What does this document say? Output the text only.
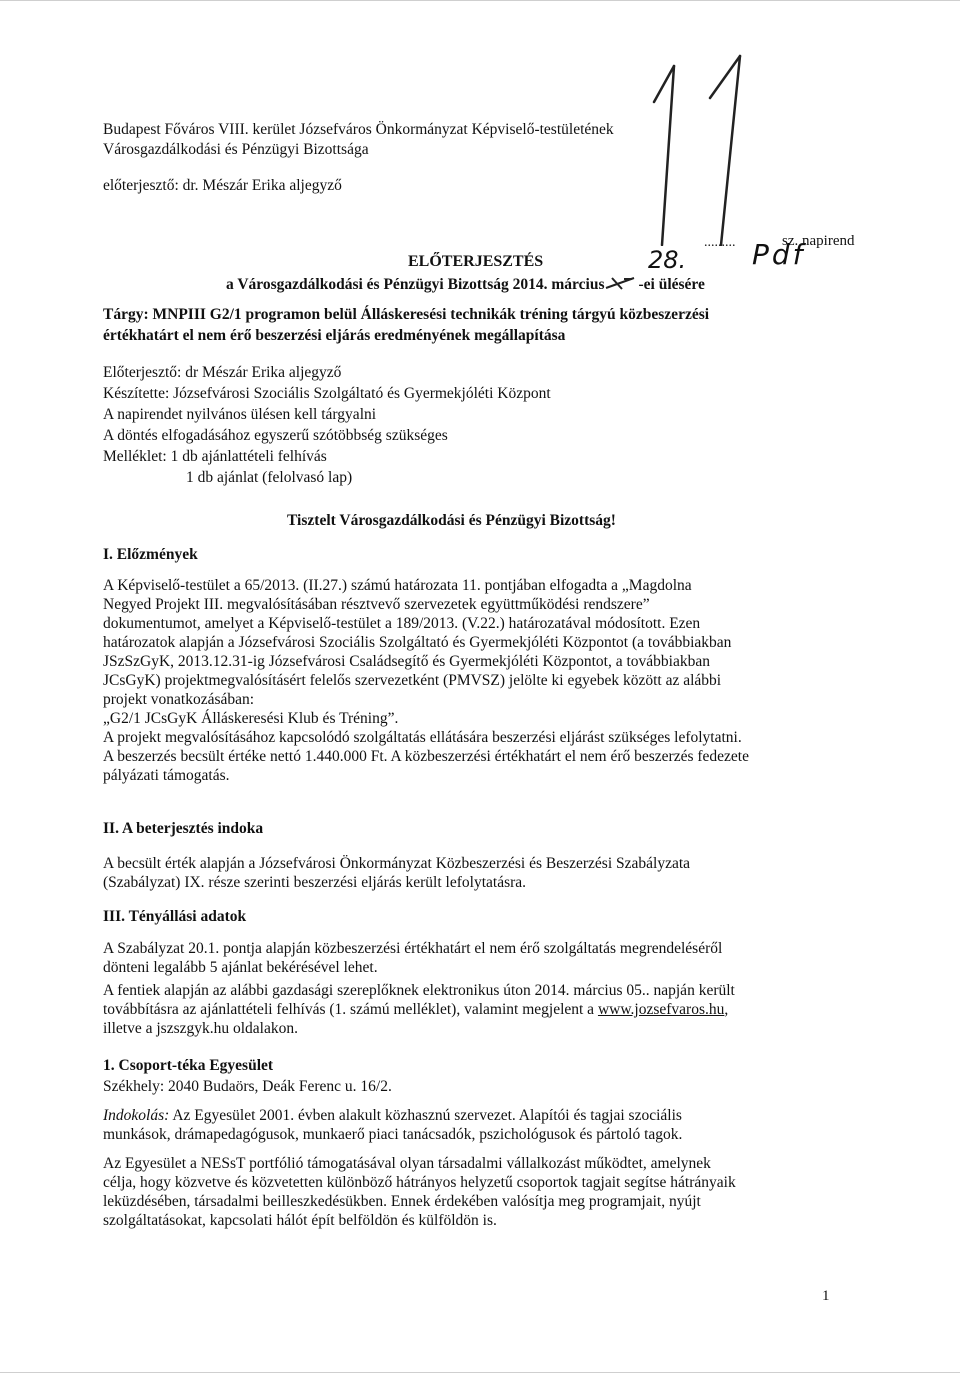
Budapest Főváros VIII. kerület Józsefváros Önkormányzat Képviselő-testületének
Városgazdálkodási és Pénzügyi Bizottsága
előterjesztő: dr. Mészár Erika aljegyző
.........	sz. napirend
ELŐTERJESZTÉS	28. Pdf
a Városgazdálkodási és Pénzügyi Bizottság 2014. március -ei ülésére
Tárgy: MNPIII G2/1 programon belül Álláskeresési technikák tréning tárgyú közbeszerzési
értékhatárt el nem érő beszerzési eljárás eredményének megállapítása
Előterjesztő: dr Mészár Erika aljegyző
Készítette: Józsefvárosi Szociális Szolgáltató és Gyermekjóléti Központ
A napirendet nyilvános ülésen kell tárgyalni
A döntés elfogadásához egyszerű szótöbbség szükséges
Melléklet: 1 db ajánlattételi felhívás
1 db ajánlat (felolvasó lap)
Tisztelt Városgazdálkodási és Pénzügyi Bizottság!
I. Előzmények
A Képviselő-testület a 65/2013. (II.27.) számú határozata 11. pontjában elfogadta a „Magdolna
Negyed Projekt III. megvalósításában résztvevő szervezetek együttműködési rendszere”
dokumentumot, amelyet a Képviselő-testület a 189/2013. (V.22.) határozatával módosított. Ezen
határozatok alapján a Józsefvárosi Szociális Szolgáltató és Gyermekjóléti Központot (a továbbiakban
JSzSzGyK, 2013.12.31-ig Józsefvárosi Családsegítő és Gyermekjóléti Központot, a továbbiakban
JCsGyK) projektmegvalósításért felelős szervezetként (PMVSZ) jelölte ki egyebek között az alábbi
projekt vonatkozásában:
„G2/1 JCsGyK Álláskeresési Klub és Tréning”.
A projekt megvalósításához kapcsolódó szolgáltatás ellátására beszerzési eljárást szükséges lefolytatni.
A beszerzés becsült értéke nettó 1.440.000 Ft. A közbeszerzési értékhatárt el nem érő beszerzés fedezete
pályázati támogatás.
II. A beterjesztés indoka
A becsült érték alapján a Józsefvárosi Önkormányzat Közbeszerzési és Beszerzési Szabályzata
(Szabályzat) IX. része szerinti beszerzési eljárás került lefolytatásra.
III. Tényállási adatok
A Szabályzat 20.1. pontja alapján közbeszerzési értékhatárt el nem érő szolgáltatás megrendeléséről
dönteni legalább 5 ajánlat bekérésével lehet.
A fentiek alapján az alábbi gazdasági szereplőknek elektronikus úton 2014. március 05.. napján került
továbbításra az ajánlattételi felhívás (1. számú melléklet), valamint megjelent a www.jozsefvaros.hu,
illetve a jszszgyk.hu oldalakon.
1. Csoport-téka Egyesület
Székhely: 2040 Budaörs, Deák Ferenc u. 16/2.
Indokolás: Az Egyesület 2001. évben alakult közhasznú szervezet. Alapítói és tagjai szociális
munkások, drámapedagógusok, munkaerő piaci tanácsadók, pszichológusok és pártoló tagok.
Az Egyesület a NESsT portfólió támogatásával olyan társadalmi vállalkozást működtet, amelynek
célja, hogy közvetve és közvetetten különböző hátrányos helyzetű csoportok tagjait segítse hátrányaik
leküzdésében, társadalmi beilleszkedésükben. Ennek érdekében valósítja meg programjait, nyújt
szolgáltatásokat, kapcsolati hálót épít belföldön és külföldön is.
1
